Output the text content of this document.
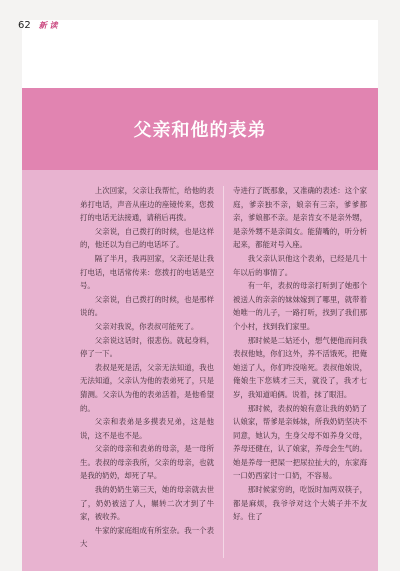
62 新 读
父亲和他的表弟

上次回家，父亲让我帮忙，给他的表弟打电话，声音从座边的座镜传来，您拨打的电话无法接通，请稍后再拨。

父亲说，自己拨打的时候，也是这样的，他还以为自己的电话坏了。

隔了半月，我再回家，父亲还是让我打电话，电话常传来：您拨打的电话是空号。

父亲说，自己拨打的时候，也是那样说的。

父亲对我说，你表叔可能死了。

父亲说这话时，很悲伤。就起身料，停了一下。

表叔是死是活，父亲无法知道，我也无法知道，父亲认为他的表弟死了，只是猜测。父亲认为他的表弟活着，是他希望的。

父亲和表弟是多摸表兄弟，这是他说，这不是也不是。

父亲的母亲和表弟的母亲，是一母所生。表叔的母亲我所，父亲的母亲，也就是我的奶奶，却死了早。

我的奶奶生第三天，她的母亲就去世了，奶奶被送了人，辗转二次才到了牛家，被收养。

牛家的家庭组成有所室杂。我一个表大

寺进行了既那象，又准确的表述：这个家庭，爹亲独不亲，娘亲有三亲，爹爹都亲，爹娘都不亲。是亲肯女不是亲外甥，是亲外甥不是亲闺女。能猜嘴的，听分析起来，都能对号入座。

我父亲认识他这个表弟，已经是几十年以后的事情了。

有一年，表叔的母亲打听到了她那个被送人的亲亲的妹妹嫁到了哪里，就带着她唯一的儿子，一路打听，找到了我们那个小村，找到我们家里。

那时候是二姑还小，想气便他而问我表叔他她，你们这外，养不活饿死，把俺她送了人，你们咋没啥死。表叔他娘说，俺娘生下您姨才三天，就没了，我才七岁，我知道咱俩。说着，抹了眼泪。

那时候，表叔的娘有意让我的奶奶了认娘家，帮爹是亲姊妹，所我奶奶坚决不同意，她认为，生身父母不如养身父母，养母还健在，认了娘家，养母会生气的。她是养母一把屎一把尿拉扯大的，东家海一口奶西家讨一口奶，不容易。

那时候家穷的，吃饭时加两双筷子，都是麻烦，我爷爷对这个大姨子并不友好。住了
